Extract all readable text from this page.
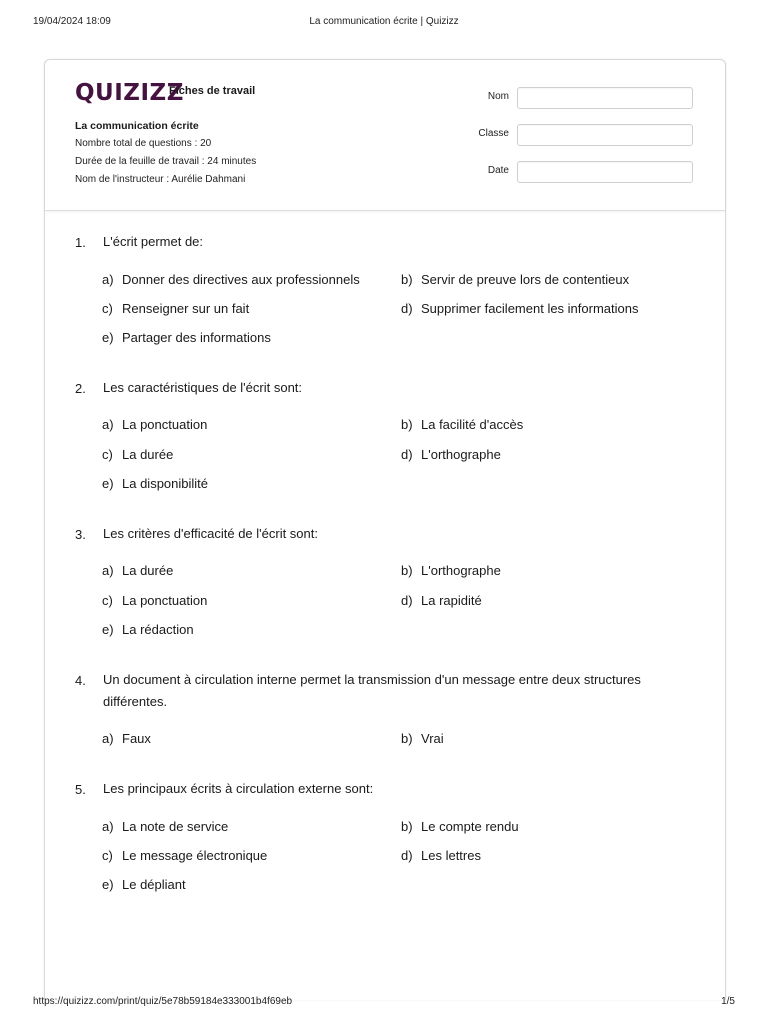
19/04/2024 18:09	La communication écrite | Quizizz
QUIZIZZ
Fiches de travail
La communication écrite
Nombre total de questions : 20
Durée de la feuille de travail : 24 minutes
Nom de l'instructeur : Aurélie Dahmani
Nom
Classe
Date
1. L'écrit permet de:
a) Donner des directives aux professionnels	b) Servir de preuve lors de contentieux
c) Renseigner sur un fait	d) Supprimer facilement les informations
e) Partager des informations
2. Les caractéristiques de l'écrit sont:
a) La ponctuation	b) La facilité d'accès
c) La durée	d) L'orthographe
e) La disponibilité
3. Les critères d'efficacité de l'écrit sont:
a) La durée	b) L'orthographe
c) La ponctuation	d) La rapidité
e) La rédaction
4. Un document à circulation interne permet la transmission d'un message entre deux structures différentes.
a) Faux	b) Vrai
5. Les principaux écrits à circulation externe sont:
a) La note de service	b) Le compte rendu
c) Le message électronique	d) Les lettres
e) Le dépliant
https://quizizz.com/print/quiz/5e78b59184e333001b4f69eb	1/5
